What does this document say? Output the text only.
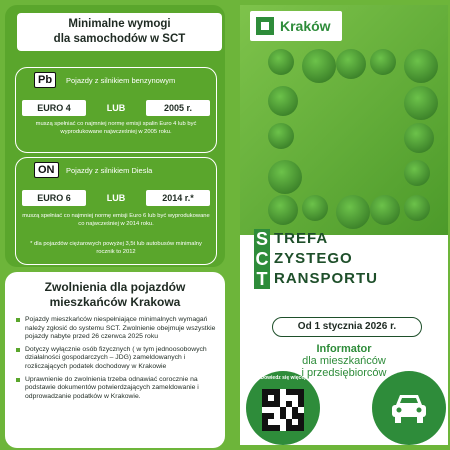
Minimalne wymogi
dla samochodów w SCT
Pb	Pojazdy z silnikiem benzynowym
EURO 4	LUB	2005 r.
muszą spełniać co najmniej normę emisji spalin Euro 4 lub być wyprodukowane najwcześniej w 2005 roku.
ON	Pojazdy z silnikiem Diesla
EURO 6	LUB	2014 r.*
muszą spełniać co najmniej normę emisji Euro 6 lub być wyprodukowane co najwcześniej w 2014 roku.
* dla pojazdów ciężarowych powyżej 3,5t lub autobusów minimalny rocznik to 2012
Zwolnienia dla pojazdów
mieszkańców Krakowa
Pojazdy mieszkańców niespełniające minimalnych wymagań należy zgłosić do systemu SCT. Zwolnienie obejmuje wszystkie pojazdy nabyte przed 26 czerwca 2025 roku
Dotyczy wyłącznie osób fizycznych ( w tym jednoosobowych działalności gospodarczych – JDG) zameldowanych i rozliczających podatek dochodowy w Krakowie
Uprawnienie do zwolnienia trzeba odnawiać corocznie na podstawie dokumentów potwierdzających zameldowanie i odprowadzanie podatków w Krakowie.
Kraków
S TREFA
C ZYSTEGO
T RANSPORTU
Od 1 stycznia 2026 r.
Informator
dla mieszkańców
i przedsiębiorców
Dowiedz się więcej
